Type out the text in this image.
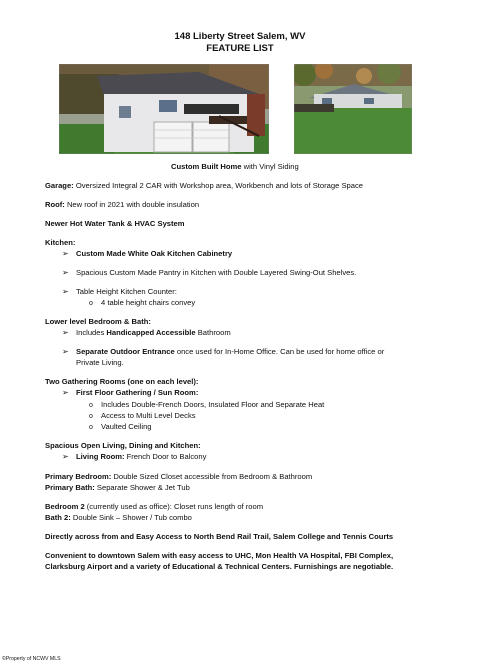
148 Liberty Street Salem, WV
FEATURE LIST
Custom Built Home with Vinyl Siding
Garage: Oversized Integral 2 CAR with Workshop area, Workbench and lots of Storage Space
Roof: New roof in 2021 with double insulation
Newer Hot Water Tank & HVAC System
Kitchen:
➢ Custom Made White Oak Kitchen Cabinetry
➢ Spacious Custom Made Pantry in Kitchen with Double Layered Swing-Out Shelves.
➢ Table Height Kitchen Counter:
o 4 table height chairs convey
Lower level Bedroom & Bath:
➢ Includes Handicapped Accessible Bathroom
➢ Separate Outdoor Entrance once used for In-Home Office. Can be used for home office or
Private Living.
Two Gathering Rooms (one on each level):
➢ First Floor Gathering / Sun Room:
o Includes Double-French Doors, Insulated Floor and Separate Heat
o Access to Multi Level Decks
o Vaulted Ceiling
Spacious Open Living, Dining and Kitchen:
➢ Living Room: French Door to Balcony
Primary Bedroom: Double Sized Closet accessible from Bedroom & Bathroom
Primary Bath: Separate Shower & Jet Tub
Bedroom 2 (currently used as office): Closet runs length of room
Bath 2: Double Sink – Shower / Tub combo
Directly across from and Easy Access to North Bend Rail Trail, Salem College and Tennis Courts
Convenient to downtown Salem with easy access to UHC, Mon Health VA Hospital, FBI Complex,
Clarksburg Airport and a variety of Educational & Technical Centers. Furnishings are negotiable.
©Property of NCWV MLS
